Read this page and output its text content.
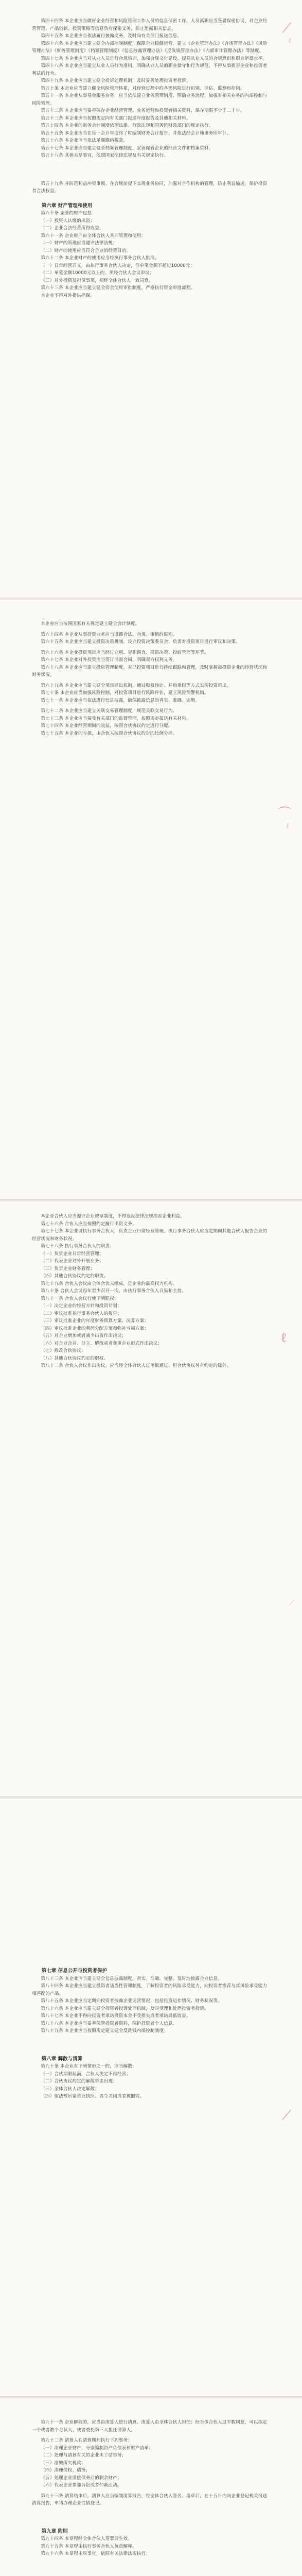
⟋
ℓ

第四十四条 本企业应当做好企业经营和风险管理工作人员的信息保密工作，人员离职应当签署保密协议，对企业经营管理、产品创新、投资策略等信息负有保密义务，防止泄露相关信息。

第四十五条 本企业应当依法履行披露义务，及时向有关部门报送信息。

第四十六条 本企业应当建立健全内部控制制度，保障企业稳健运营。建立《企业管理办法》《合规管理办法》《风险管理办法》《财务管理制度》《档案管理制度》《信息披露管理办法》《反洗钱管理办法》《内部审计管理办法》等制度。

第四十七条 本企业应当对从业人员进行合规培训，加强合规文化建设，提高从业人员的合规意识和职业道德水平。

第四十八条 本企业应当建立从业人员行为准则，明确从业人员的职业操守和行为规范，不得从事损害企业和投资者利益的行为。

第四十九条 本企业应当建立健全投诉处理机制，及时妥善处理投资者投诉。

第五十条 本企业应当建立健全风险管理体系，对经营过程中的各类风险进行识别、评估、监测和控制。

第五十一条 本企业从事基金服务业务，应当依法建立业务管理制度，明确业务流程，加强对相关业务的内部控制与风险管理。

第五十二条 本企业应当妥善保存企业经营管理、业务运营和投资者相关资料，保存期限不少于二十年。

第五十三条 本企业应当按照规定向有关部门报送年度报告及其他相关材料。

第五十四条 本企业的财务会计制度依照法律、行政法规和国务院财政部门的规定执行。

第五十五条 本企业应当在每一会计年度终了时编制财务会计报告，并依法经会计师事务所审计。

第五十六条 本企业应当依法足额缴纳税款。

第五十七条 本企业应当建立健全档案管理制度，妥善保管企业的经营文件和档案资料。

第五十八条 其他未尽事宜，依照国家法律法规及有关规定执行。

第五十九条 并防范利益冲突事项，在合规前提下实现业务协同，加强对合作机构的管理，防止利益输送，保护投资者合法权益。

第六章 财产管理和使用

第六十条 企业的财产包括：

（一）投资人认缴的出资；

（二）企业合法经营所得收益。

第六十一条 企业财产由全体合伙人共同管理和使用：

（一）财产的管理应当遵守法律法规；

（二）财产的使用应当符合企业的经营目的。

第六十二条 本企业财产的使用应当经执行事务合伙人批准。

（一）日常经营开支，由执行事务合伙人决定，但单笔金额不超过10000元；

（二）单笔金额10000元以上的，须经合伙人会议审议；

（三）对外投资及担保事项，须经全体合伙人一致同意。

第六十三条 本企业应当建立健全资金使用审批制度，严格执行资金审批流程。

本企业不得对外提供担保。

⌒
ℓ

本企业应当按照国家有关规定建立健全会计制度。

第六十四条 本企业从事投资业务应当遵循合法、合规、审慎的原则。

第六十五条 本企业应当建立投资决策机制，设立投资决策委员会，负责对投资项目进行审议和决策。

第六十六条 本企业投资项目应当经过立项、尽职调查、投资决策、投后管理等环节。

第六十七条 本企业对外投资应当签订书面合同，明确双方权利义务。

第六十八条 本企业应当建立投后管理制度，对已投资项目进行持续跟踪和管理，及时掌握被投资企业的经营状况和财务状况。

第六十九条 本企业应当建立健全项目退出机制，通过股权转让、并购重组等方式实现投资退出。

第七十条 本企业应当加强风险控制，对投资项目进行风险评估，建立风险预警机制。

第七十一条 本企业应当依法进行信息披露，确保披露信息的真实、准确、完整。

第七十二条 本企业应当建立关联交易管理制度，规范关联交易行为。

第七十三条 本企业应当接受有关部门的监督管理，按照规定报送有关材料。

第七十四条 本企业经营期间的收益，按照合伙协议约定进行分配。

第七十五条 本企业的亏损，由合伙人按照合伙协议约定的比例分担。

ℓ
⟋

本企业合伙人应当遵守企业规章制度，不得违反法律法规损害企业利益。

第七十六条 合伙人应当按照约定履行出资义务。

第七十七条 本企业设执行事务合伙人，负责企业日常经营管理。执行事务合伙人应当定期向其他合伙人报告企业的经营状况和财务状况。

第七十八条 执行事务合伙人的职责：

（一）负责企业日常经营管理；

（二）代表企业对外开展业务；

（三）负责企业财务管理；

（四）其他合伙协议约定的职责。

第七十九条 合伙人会议由全体合伙人组成，是企业的最高权力机构。

第八十条 合伙人会议每年至少召开一次，由执行事务合伙人召集和主持。

第八十一条 合伙人会议行使下列职权：

（一）决定企业的经营方针和投资计划；

（二）审议批准执行事务合伙人的报告；

（三）审议批准企业的年度财务预算方案、决算方案；

（四）审议批准企业的利润分配方案和弥补亏损方案；

（五）对企业增加或者减少出资作出决议；

（六）对企业合并、分立、解散或者变更企业形式作出决议；

（七）修改合伙协议；

（八）其他合伙协议约定的职权。

第八十二条 合伙人会议作出决议，应当经全体合伙人过半数通过，但合伙协议另有约定的除外。

⟋
第七章 信息公开与投资者保护

第八十三条 本企业应当建立健全信息披露制度，真实、准确、完整、及时地披露企业信息。

第八十四条 本企业应当建立投资者适当性管理制度，了解投资者的风险承受能力，向投资者推荐与其风险承受能力相匹配的产品。

第八十五条 本企业应当定期向投资者披露企业运营情况，包括投资运作情况、财务状况等。

第八十六条 本企业应当建立健全投资者投诉处理机制，及时受理和处理投资者投诉。

第八十七条 本企业不得向投资者承诺投资本金不受损失或者承诺最低收益。

第八十八条 本企业应当妥善保管投资者资料，保护投资者个人信息。

第八十九条 本企业应当按照规定建立健全反洗钱内部控制制度。

第八章 解散与清算

第九十条 本企业有下列情形之一的，应当解散：

（一）合伙期限届满，合伙人决定不再经营；

（二）合伙协议约定的解散事由出现；

（三）全体合伙人决定解散；

（四）依法被吊销营业执照、责令关闭或者被撤销。

第九十一条 企业解散的，应当由清算人进行清算。清算人由全体合伙人担任；经全体合伙人过半数同意，可以指定一个或者数个合伙人，或者委托第三人担任清算人。

第九十二条 清算人在清算期间执行下列事务：

（一）清理企业财产，分别编制资产负债表和财产清单；

（二）处理与清算有关的企业未了结事务；

（三）清缴所欠税款；

（四）清理债权、债务；

（五）处理企业清偿债务后的剩余财产；

（六）代表企业参加诉讼或者仲裁活动。

第九十三条 清算结束后，清算人应当编制清算报告，经全体合伙人签名、盖章后，在十五日内向企业登记机关报送清算报告，申请办理企业注销登记。

第九章 附则

第九十四条 本章程经全体合伙人签署后生效。

第九十五条 本章程由执行事务合伙人负责解释。

第九十六条 本章程未尽事宜，依照有关法律法规执行。
